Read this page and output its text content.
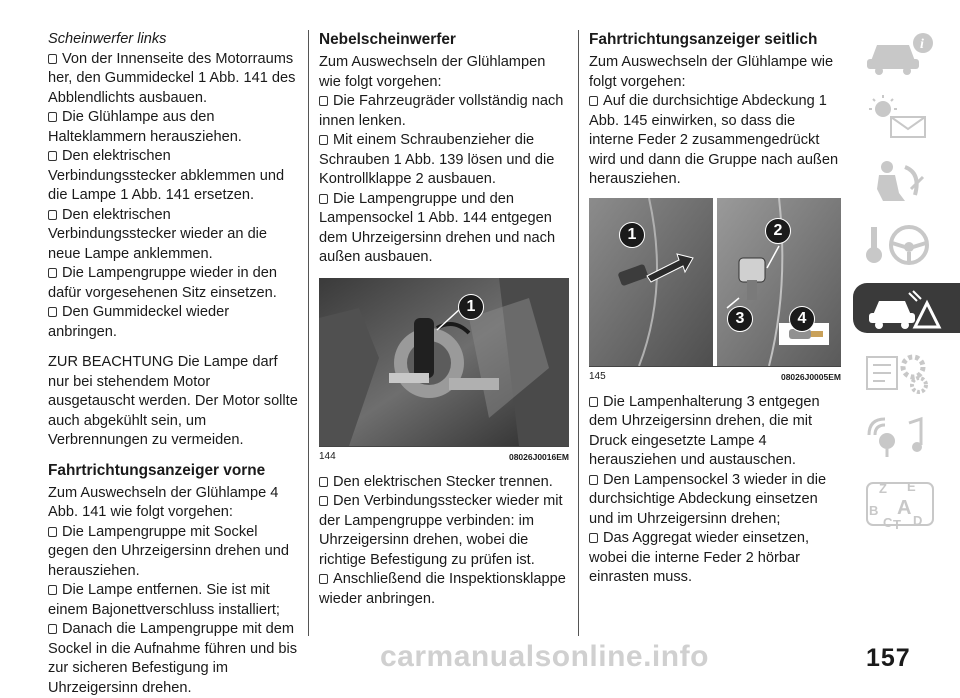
Scheinwerfer links
Von der Innenseite des Motorraums her, den Gummideckel 1 Abb. 141 des Abblendlichts ausbauen.
Die Glühlampe aus den Halteklammern herausziehen.
Den elektrischen Verbindungsstecker abklemmen und die Lampe 1 Abb. 141 ersetzen.
Den elektrischen Verbindungsstecker wieder an die neue Lampe anklemmen.
Die Lampengruppe wieder in den dafür vorgesehenen Sitz einsetzen.
Den Gummideckel wieder anbringen.
ZUR BEACHTUNG Die Lampe darf nur bei stehendem Motor ausgetauscht werden. Der Motor sollte auch abgekühlt sein, um Verbrennungen zu vermeiden.
Fahrtrichtungsanzeiger vorne
Zum Auswechseln der Glühlampe 4 Abb. 141 wie folgt vorgehen:
Die Lampengruppe mit Sockel gegen den Uhrzeigersinn drehen und herausziehen.
Die Lampe entfernen. Sie ist mit einem Bajonettverschluss installiert;
Danach die Lampengruppe mit dem Sockel in die Aufnahme führen und bis zur sicheren Befestigung im Uhrzeigersinn drehen.
Nebelscheinwerfer
Zum Auswechseln der Glühlampen wie folgt vorgehen:
Die Fahrzeugräder vollständig nach innen lenken.
Mit einem Schraubenzieher die Schrauben 1 Abb. 139 lösen und die Kontrollklappe 2 ausbauen.
Die Lampengruppe und den Lampensockel 1 Abb. 144 entgegen dem Uhrzeigersinn drehen und nach außen ausbauen.
1
144	08026J0016EM
Den elektrischen Stecker trennen.
Den Verbindungsstecker wieder mit der Lampengruppe verbinden: im Uhrzeigersinn drehen, wobei die richtige Befestigung zu prüfen ist.
Anschließend die Inspektionsklappe wieder anbringen.
Fahrtrichtungsanzeiger seitlich
Zum Auswechseln der Glühlampe wie folgt vorgehen:
Auf die durchsichtige Abdeckung 1 Abb. 145 einwirken, so dass die interne Feder 2 zusammengedrückt wird und dann die Gruppe nach außen herausziehen.
1	2
3	4
145	08026J0005EM
Die Lampenhalterung 3 entgegen dem Uhrzeigersinn drehen, die mit Druck eingesetzte Lampe 4 herausziehen und austauschen.
Den Lampensockel 3 wieder in die durchsichtige Abdeckung einsetzen und im Uhrzeigersinn drehen;
Das Aggregat wieder einsetzen, wobei die interne Feder 2 hörbar einrasten muss.
i
Z E
A
B
C T D
157
carmanualsonline.info
